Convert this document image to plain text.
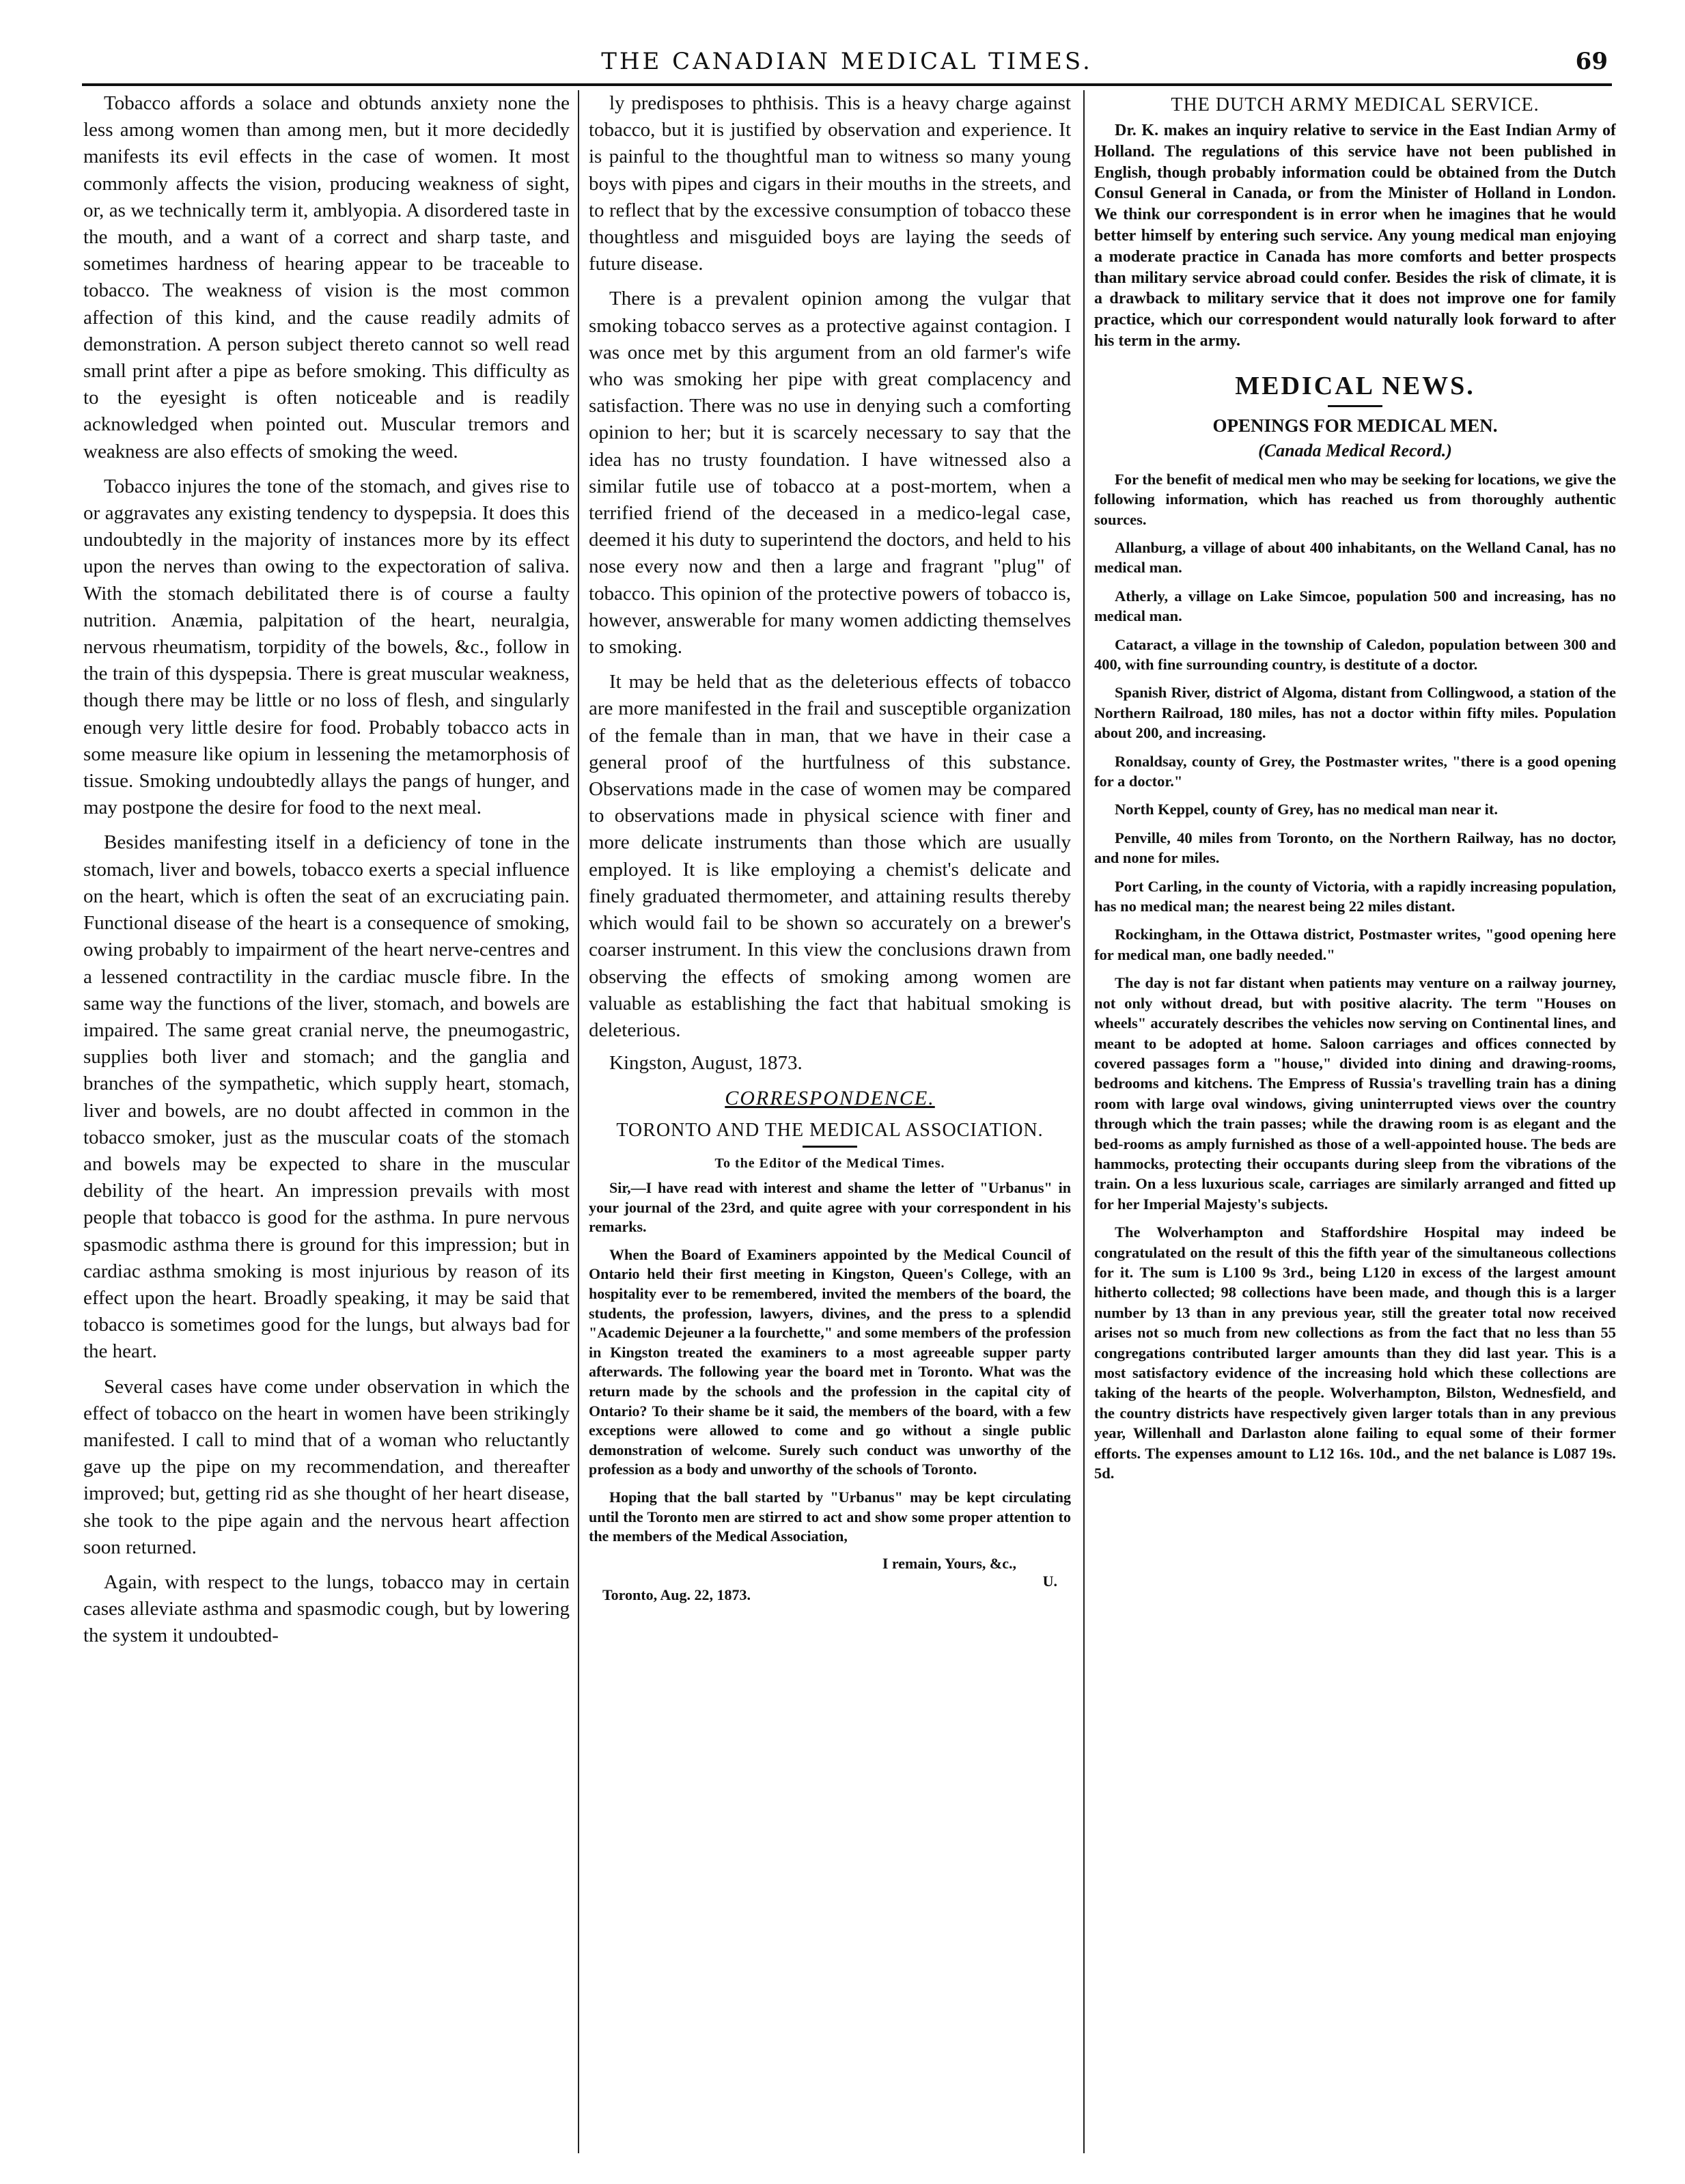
THE CANADIAN MEDICAL TIMES.	69

Tobacco affords a solace and obtunds anxiety none the less among women than among men, but it more decidedly manifests its evil effects in the case of women. It most commonly affects the vision, producing weakness of sight, or, as we technically term it, amblyopia. A disordered taste in the mouth, and a want of a correct and sharp taste, and sometimes hardness of hearing appear to be traceable to tobacco. The weakness of vision is the most common affection of this kind, and the cause readily admits of demonstration. A person subject thereto cannot so well read small print after a pipe as before smoking. This difficulty as to the eyesight is often noticeable and is readily acknowledged when pointed out. Muscular tremors and weakness are also effects of smoking the weed.

Tobacco injures the tone of the stomach, and gives rise to or aggravates any existing tendency to dyspepsia. It does this undoubtedly in the majority of instances more by its effect upon the nerves than owing to the expectoration of saliva. With the stomach debilitated there is of course a faulty nutrition. Anæmia, palpitation of the heart, neuralgia, nervous rheumatism, torpidity of the bowels, &c., follow in the train of this dyspepsia. There is great muscular weakness, though there may be little or no loss of flesh, and singularly enough very little desire for food. Probably tobacco acts in some measure like opium in lessening the metamorphosis of tissue. Smoking undoubtedly allays the pangs of hunger, and may postpone the desire for food to the next meal.

Besides manifesting itself in a deficiency of tone in the stomach, liver and bowels, tobacco exerts a special influence on the heart, which is often the seat of an excruciating pain. Functional disease of the heart is a consequence of smoking, owing probably to impairment of the heart nerve-centres and a lessened contractility in the cardiac muscle fibre. In the same way the functions of the liver, stomach, and bowels are impaired. The same great cranial nerve, the pneumogastric, supplies both liver and stomach; and the ganglia and branches of the sympathetic, which supply heart, stomach, liver and bowels, are no doubt affected in common in the tobacco smoker, just as the muscular coats of the stomach and bowels may be expected to share in the muscular debility of the heart. An impression prevails with most people that tobacco is good for the asthma. In pure nervous spasmodic asthma there is ground for this impression; but in cardiac asthma smoking is most injurious by reason of its effect upon the heart. Broadly speaking, it may be said that tobacco is sometimes good for the lungs, but always bad for the heart.

Several cases have come under observation in which the effect of tobacco on the heart in women have been strikingly manifested. I call to mind that of a woman who reluctantly gave up the pipe on my recommendation, and thereafter improved; but, getting rid as she thought of her heart disease, she took to the pipe again and the nervous heart affection soon returned.

Again, with respect to the lungs, tobacco may in certain cases alleviate asthma and spasmodic cough, but by lowering the system it undoubted-

ly predisposes to phthisis. This is a heavy charge against tobacco, but it is justified by observation and experience. It is painful to the thoughtful man to witness so many young boys with pipes and cigars in their mouths in the streets, and to reflect that by the excessive consumption of tobacco these thoughtless and misguided boys are laying the seeds of future disease.

There is a prevalent opinion among the vulgar that smoking tobacco serves as a protective against contagion. I was once met by this argument from an old farmer's wife who was smoking her pipe with great complacency and satisfaction. There was no use in denying such a comforting opinion to her; but it is scarcely necessary to say that the idea has no trusty foundation. I have witnessed also a similar futile use of tobacco at a post-mortem, when a terrified friend of the deceased in a medico-legal case, deemed it his duty to superintend the doctors, and held to his nose every now and then a large and fragrant "plug" of tobacco. This opinion of the protective powers of tobacco is, however, answerable for many women addicting themselves to smoking.

It may be held that as the deleterious effects of tobacco are more manifested in the frail and susceptible organization of the female than in man, that we have in their case a general proof of the hurtfulness of this substance. Observations made in the case of women may be compared to observations made in physical science with finer and more delicate instruments than those which are usually employed. It is like employing a chemist's delicate and finely graduated thermometer, and attaining results thereby which would fail to be shown so accurately on a brewer's coarser instrument. In this view the conclusions drawn from observing the effects of smoking among women are valuable as establishing the fact that habitual smoking is deleterious.

Kingston, August, 1873.
CORRESPONDENCE.
TORONTO AND THE MEDICAL ASSOCIATION.
To the Editor of the Medical Times.

Sir,—I have read with interest and shame the letter of "Urbanus" in your journal of the 23rd, and quite agree with your correspondent in his remarks.

When the Board of Examiners appointed by the Medical Council of Ontario held their first meeting in Kingston, Queen's College, with an hospitality ever to be remembered, invited the members of the board, the students, the profession, lawyers, divines, and the press to a splendid "Academic Dejeuner a la fourchette," and some members of the profession in Kingston treated the examiners to a most agreeable supper party afterwards. The following year the board met in Toronto. What was the return made by the schools and the profession in the capital city of Ontario? To their shame be it said, the members of the board, with a few exceptions were allowed to come and go without a single public demonstration of welcome. Surely such conduct was unworthy of the profession as a body and unworthy of the schools of Toronto.

Hoping that the ball started by "Urbanus" may be kept circulating until the Toronto men are stirred to act and show some proper attention to the members of the Medical Association,

I remain, Yours, &c.,
U.
Toronto, Aug. 22, 1873.
THE DUTCH ARMY MEDICAL SERVICE.

Dr. K. makes an inquiry relative to service in the East Indian Army of Holland. The regulations of this service have not been published in English, though probably information could be obtained from the Dutch Consul General in Canada, or from the Minister of Holland in London. We think our correspondent is in error when he imagines that he would better himself by entering such service. Any young medical man enjoying a moderate practice in Canada has more comforts and better prospects than military service abroad could confer. Besides the risk of climate, it is a drawback to military service that it does not improve one for family practice, which our correspondent would naturally look forward to after his term in the army.

MEDICAL NEWS.
OPENINGS FOR MEDICAL MEN.
(Canada Medical Record.)

For the benefit of medical men who may be seeking for locations, we give the following information, which has reached us from thoroughly authentic sources.

Allanburg, a village of about 400 inhabitants, on the Welland Canal, has no medical man.

Atherly, a village on Lake Simcoe, population 500 and increasing, has no medical man.

Cataract, a village in the township of Caledon, population between 300 and 400, with fine surrounding country, is destitute of a doctor.

Spanish River, district of Algoma, distant from Collingwood, a station of the Northern Railroad, 180 miles, has not a doctor within fifty miles. Population about 200, and increasing.

Ronaldsay, county of Grey, the Postmaster writes, "there is a good opening for a doctor."

North Keppel, county of Grey, has no medical man near it.

Penville, 40 miles from Toronto, on the Northern Railway, has no doctor, and none for miles.

Port Carling, in the county of Victoria, with a rapidly increasing population, has no medical man; the nearest being 22 miles distant.

Rockingham, in the Ottawa district, Postmaster writes, "good opening here for medical man, one badly needed."

The day is not far distant when patients may venture on a railway journey, not only without dread, but with positive alacrity. The term "Houses on wheels" accurately describes the vehicles now serving on Continental lines, and meant to be adopted at home. Saloon carriages and offices connected by covered passages form a "house," divided into dining and drawing-rooms, bedrooms and kitchens. The Empress of Russia's travelling train has a dining room with large oval windows, giving uninterrupted views over the country through which the train passes; while the drawing room is as elegant and the bed-rooms as amply furnished as those of a well-appointed house. The beds are hammocks, protecting their occupants during sleep from the vibrations of the train. On a less luxurious scale, carriages are similarly arranged and fitted up for her Imperial Majesty's subjects.

The Wolverhampton and Staffordshire Hospital may indeed be congratulated on the result of this the fifth year of the simultaneous collections for it. The sum is L100 9s 3rd., being L120 in excess of the largest amount hitherto collected; 98 collections have been made, and though this is a larger number by 13 than in any previous year, still the greater total now received arises not so much from new collections as from the fact that no less than 55 congregations contributed larger amounts than they did last year. This is a most satisfactory evidence of the increasing hold which these collections are taking of the hearts of the people. Wolverhampton, Bilston, Wednesfield, and the country districts have respectively given larger totals than in any previous year, Willenhall and Darlaston alone failing to equal some of their former efforts. The expenses amount to L12 16s. 10d., and the net balance is L087 19s. 5d.
